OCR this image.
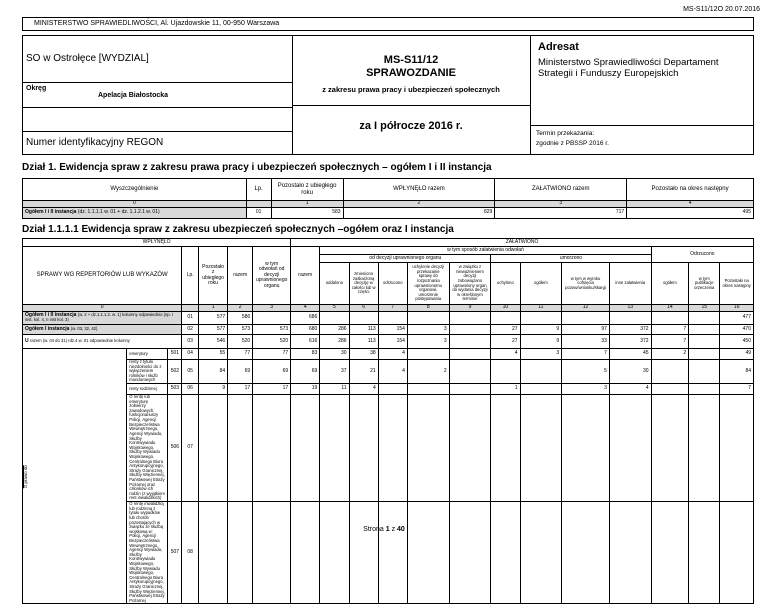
MS-S11/12O 20.07.2016
MINISTERSTWO SPRAWIEDLIWOŚCI, Al. Ujazdowskie 11, 00-950 Warszawa
SO w Ostrołęce [WYDZIAL]
Okręg
Apelacja Białostocka
Numer identyfikacyjny REGON
MS-S11/12
SPRAWOZDANIE
z zakresu prawa pracy i ubezpieczeń społecznych
za I półrocze 2016 r.
Adresat
Ministerstwo Sprawiedliwości Departament Strategii i Funduszy Europejskich
Termin przekazania:
zgodnie z PBSSP 2016 r.
Dział 1. Ewidencja spraw z zakresu prawa pracy i ubezpieczeń społecznych – ogółem I i II instancja
Wyszczególnienie	Lp.	Pozostało z ubiegłego roku	WPŁYNĘŁO razem	ZAŁATWIONO razem	Pozostało na okres następny
0		1	2	3	4
Ogółem I i II instancja (dz. 1.1.1.1 w. 01 + dz. 1.1.2.1 w. 01)	01	583	829	717	495
Dział 1.1.1.1 Ewidencja spraw z zakresu ubezpieczeń społecznych –ogółem oraz I instancja
WPŁYNĘŁO							ZAŁATWIONO												
SPRAWY WG REPERTORIÓW LUB WYKAZÓW			Lp.	Pozostało z ubiegłego roku	razem	w tym odwołań od decyzji uprawnionego organu	razem	w tym sposób załatwienia odwołań									Odrzucono		
								od decyzji uprawnionego organu					umorzono						
								oddalono	zmieniono zaskarżoną decyzję w całości lub w części	odrzucono	uchylenie decyzji przekazanie sprawy do rozpoznania uprawnionemu organowi, umorzenie postępowania	w związku z nieważnieniem decyzji zobowiązano uprawniony organ do wydania decyzji w określonym terminie	uchylono	ogółem	w tym w wyroku cofnięcia pozwu/wniosku/skargi	inne załatwienia	ogółem	w tym publikacje orzeczenia	Pozostało na okres następny

0				1	2	3	4	5	6	7	8	9	10	11	12	13	14	15	16
Ogółem I i II instancja (w. 2 + dz.1.1.1.2. w. 1) kolumny odpowiednio (np. I inst. kol. 4, II inst kol. 3)			01	577	586		686												477
Ogółem I instancja (w. 03, 32, 42)			02	577	573	573	680	286	113	154	3		27	9	97	372	7		470
U razem (w. 04 do 31) rdz.4 w. 01 odpowiednie kolumny			03	546	520	520	616	286	113	154	3		27	9	33	372	7		450

O prawo do	emerytury	501	04	55	77	77	83	30	38	4			4	3	7	45	2		49
	renty z tytułu niezdolności do z wyłączeniem rolników i służb mundurowych	502	05	84	69	69	69	37	21	4	2				5	30			84
	renty rodzinnej	503	06	9	17	17	19	11	4				1		3	4			7
	O rentę lub emeryturę żołnierzy zawodowych, funkcjonariuszy Policji, Agencji Bezpieczeństwa Wewnętrznego, Agencji Wywiadu, Służby Kontrwywiadu Wojskowego, Służby Wywiadu Wojskowego, Centralnego Biura Antykorupcyjnego, Straży Granicznej, Służby Więziennej, Państwowej Straży Pożarnej oraz członków ich rodzin (z wyjątkiem rent inwalidzkich)	506	07																
	O rentę inwalidzką lub rodzinną z tytułu wypadków lub chorób pozostających w związku ze służbą wojskową w: Policji, Agencji Bezpieczeństwa Wewnętrznego, Agencji Wywiadu, Służby Kontrwywiadu Wojskowego, Służby Wywiadu Wojskowego, Centralnego Biura Antykorupcyjnego, Straży Granicznej, Służby Więziennej, Państwowej Straży Pożarnej	507	08																
Strona 1 z 40
